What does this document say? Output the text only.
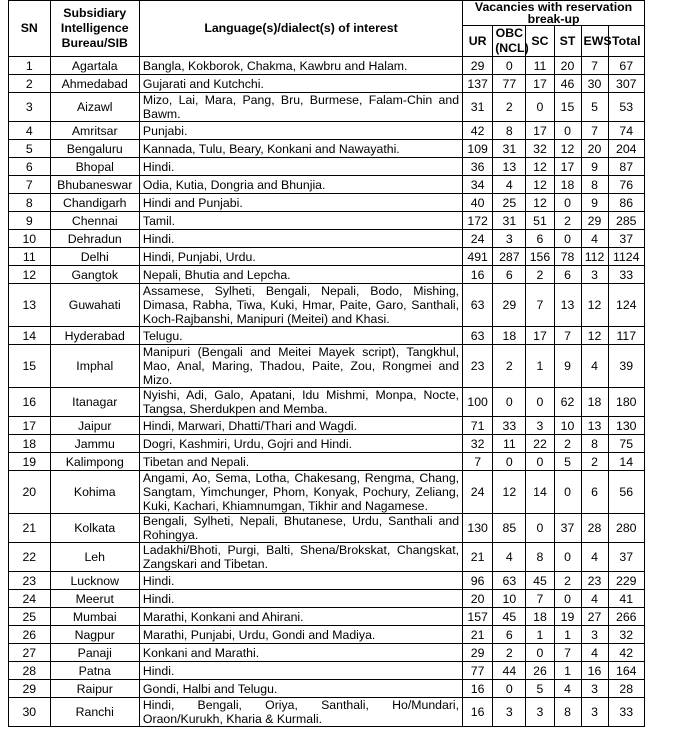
SN	Subsidiary Intelligence Bureau/SIB	Language(s)/dialect(s) of interest	Vacancies with reservation break-up					
			UR	OBC (NCL)	SC	ST	EWS	Total
1	Agartala	Bangla, Kokborok, Chakma, Kawbru and Halam.	29	0	11	20	7	67
2	Ahmedabad	Gujarati and Kutchchi.	137	77	17	46	30	307
3	Aizawl	Mizo, Lai, Mara, Pang, Bru, Burmese, Falam-Chin and Bawm.	31	2	0	15	5	53
4	Amritsar	Punjabi.	42	8	17	0	7	74
5	Bengaluru	Kannada, Tulu, Beary, Konkani and Nawayathi.	109	31	32	12	20	204
6	Bhopal	Hindi.	36	13	12	17	9	87
7	Bhubaneswar	Odia, Kutia, Dongria and Bhunjia.	34	4	12	18	8	76
8	Chandigarh	Hindi and Punjabi.	40	25	12	0	9	86
9	Chennai	Tamil.	172	31	51	2	29	285
10	Dehradun	Hindi.	24	3	6	0	4	37
11	Delhi	Hindi, Punjabi, Urdu.	491	287	156	78	112	1124
12	Gangtok	Nepali, Bhutia and Lepcha.	16	6	2	6	3	33
13	Guwahati	Assamese, Sylheti, Bengali, Nepali, Bodo, Mishing, Dimasa, Rabha, Tiwa, Kuki, Hmar, Paite, Garo, Santhali, Koch-Rajbanshi, Manipuri (Meitei) and Khasi.	63	29	7	13	12	124
14	Hyderabad	Telugu.	63	18	17	7	12	117
15	Imphal	Manipuri (Bengali and Meitei Mayek script), Tangkhul, Mao, Anal, Maring, Thadou, Paite, Zou, Rongmei and Mizo.	23	2	1	9	4	39
16	Itanagar	Nyishi, Adi, Galo, Apatani, Idu Mishmi, Monpa, Nocte, Tangsa, Sherdukpen and Memba.	100	0	0	62	18	180
17	Jaipur	Hindi, Marwari, Dhatti/Thari and Wagdi.	71	33	3	10	13	130
18	Jammu	Dogri, Kashmiri, Urdu, Gojri and Hindi.	32	11	22	2	8	75
19	Kalimpong	Tibetan and Nepali.	7	0	0	5	2	14
20	Kohima	Angami, Ao, Sema, Lotha, Chakesang, Rengma, Chang, Sangtam, Yimchunger, Phom, Konyak, Pochury, Zeliang, Kuki, Kachari, Khiamnumgan, Tikhir and Nagamese.	24	12	14	0	6	56
21	Kolkata	Bengali, Sylheti, Nepali, Bhutanese, Urdu, Santhali and Rohingya.	130	85	0	37	28	280
22	Leh	Ladakhi/Bhoti, Purgi, Balti, Shena/Brokskat, Changskat, Zangskari and Tibetan.	21	4	8	0	4	37
23	Lucknow	Hindi.	96	63	45	2	23	229
24	Meerut	Hindi.	20	10	7	0	4	41
25	Mumbai	Marathi, Konkani and Ahirani.	157	45	18	19	27	266
26	Nagpur	Marathi, Punjabi, Urdu, Gondi and Madiya.	21	6	1	1	3	32
27	Panaji	Konkani and Marathi.	29	2	0	7	4	42
28	Patna	Hindi.	77	44	26	1	16	164
29	Raipur	Gondi, Halbi and Telugu.	16	0	5	4	3	28
30	Ranchi	Hindi, Bengali, Oriya, Santhali, Ho/Mundari, Oraon/Kurukh, Kharia & Kurmali.	16	3	3	8	3	33
